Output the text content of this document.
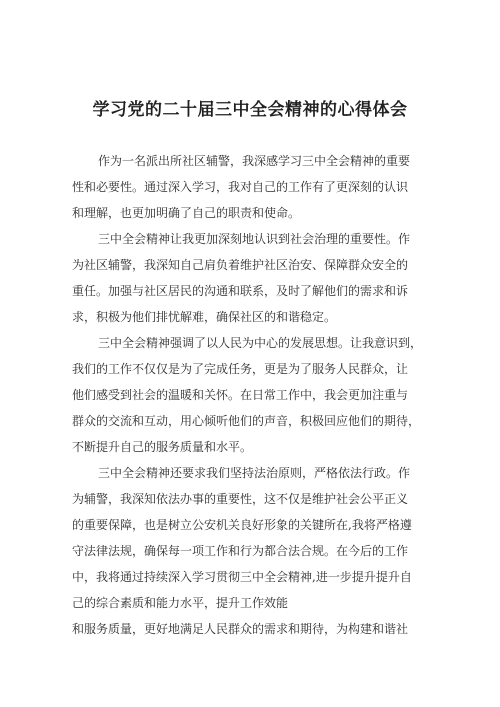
学习党的二十届三中全会精神的心得体会
作为一名派出所社区辅警，我深感学习三中全会精神的重要
性和必要性。通过深入学习，我对自己的工作有了更深刻的认识
和理解，也更加明确了自己的职责和使命。
三中全会精神让我更加深刻地认识到社会治理的重要性。作
为社区辅警，我深知自己肩负着维护社区治安、保障群众安全的
重任。加强与社区居民的沟通和联系，及时了解他们的需求和诉
求，积极为他们排忧解难，确保社区的和谐稳定。
三中全会精神强调了以人民为中心的发展思想。让我意识到，
我们的工作不仅仅是为了完成任务，更是为了服务人民群众，让
他们感受到社会的温暖和关怀。在日常工作中，我会更加注重与
群众的交流和互动，用心倾听他们的声音，积极回应他们的期待，
不断提升自己的服务质量和水平。
三中全会精神还要求我们坚持法治原则，严格依法行政。作
为辅警，我深知依法办事的重要性，这不仅是维护社会公平正义
的重要保障，也是树立公安机关良好形象的关键所在,我将严格遵
守法律法规，确保每一项工作和行为都合法合规。在今后的工作
中，我将通过持续深入学习贯彻三中全会精神,进一步提升提升自
己的综合素质和能力水平，提升工作效能
和服务质量，更好地满足人民群众的需求和期待，为构建和谐社
